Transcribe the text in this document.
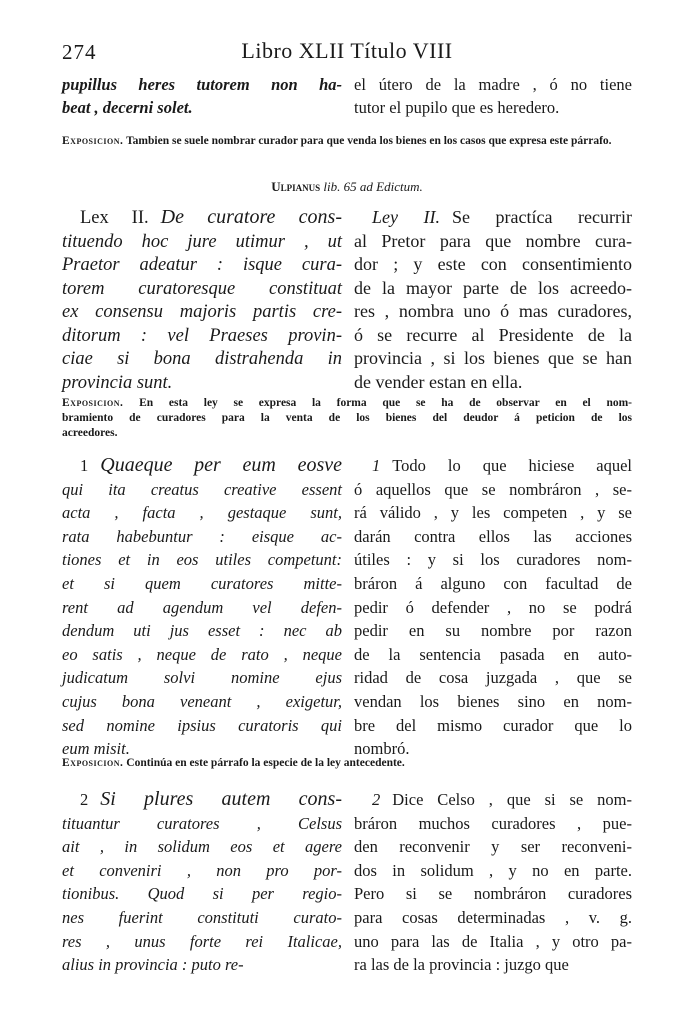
274	Libro XLII Título VIII
pupillus heres tutorem non ha-
beat , decerni solet.
el útero de la madre , ó no tiene
tutor el pupilo que es heredero.
Exposicion. Tambien se suele nombrar curador para que venda los bienes en los casos que expresa este párrafo.
Ulpianus lib. 65 ad Edictum.
Lex II. De curatore cons-
tituendo hoc jure utimur , ut
Praetor adeatur : isque cura-
torem curatoresque constituat
ex consensu majoris partis cre-
ditorum : vel Praeses provin-
ciae si bona distrahenda in
provincia sunt.
Ley II. Se practíca recurrir
al Pretor para que nombre cura-
dor ; y este con consentimiento
de la mayor parte de los acreedo-
res , nombra uno ó mas curadores,
ó se recurre al Presidente de la
provincia , si los bienes que se han
de vender estan en ella.
Exposicion. En esta ley se expresa la forma que se ha de observar en el nom-
bramiento de curadores para la venta de los bienes del deudor á peticion de los
acreedores.
1 Quaeque per eum eosve
qui ita creatus creative essent
acta , facta , gestaque sunt,
rata habebuntur : eisque ac-
tiones et in eos utiles competunt:
et si quem curatores mitte-
rent ad agendum vel defen-
dendum uti jus esset : nec ab
eo satis , neque de rato , neque
judicatum solvi nomine ejus
cujus bona veneant , exigetur,
sed nomine ipsius curatoris qui
eum misit.
1 Todo lo que hiciese aquel
ó aquellos que se nombráron , se-
rá válido , y les competen , y se
darán contra ellos las acciones
útiles : y si los curadores nom-
bráron á alguno con facultad de
pedir ó defender , no se podrá
pedir en su nombre por razon
de la sentencia pasada en auto-
ridad de cosa juzgada , que se
vendan los bienes sino en nom-
bre del mismo curador que lo
nombró.
Exposicion. Continúa en este párrafo la especie de la ley antecedente.
2 Si plures autem cons-
tituantur curatores , Celsus
ait , in solidum eos et agere
et conveniri , non pro por-
tionibus. Quod si per regio-
nes fuerint constituti curato-
res , unus forte rei Italicae,
alius in provincia : puto re-
2 Dice Celso , que si se nom-
bráron muchos curadores , pue-
den reconvenir y ser reconveni-
dos in solidum , y no en parte.
Pero si se nombráron curadores
para cosas determinadas , v. g.
uno para las de Italia , y otro pa-
ra las de la provincia : juzgo que
